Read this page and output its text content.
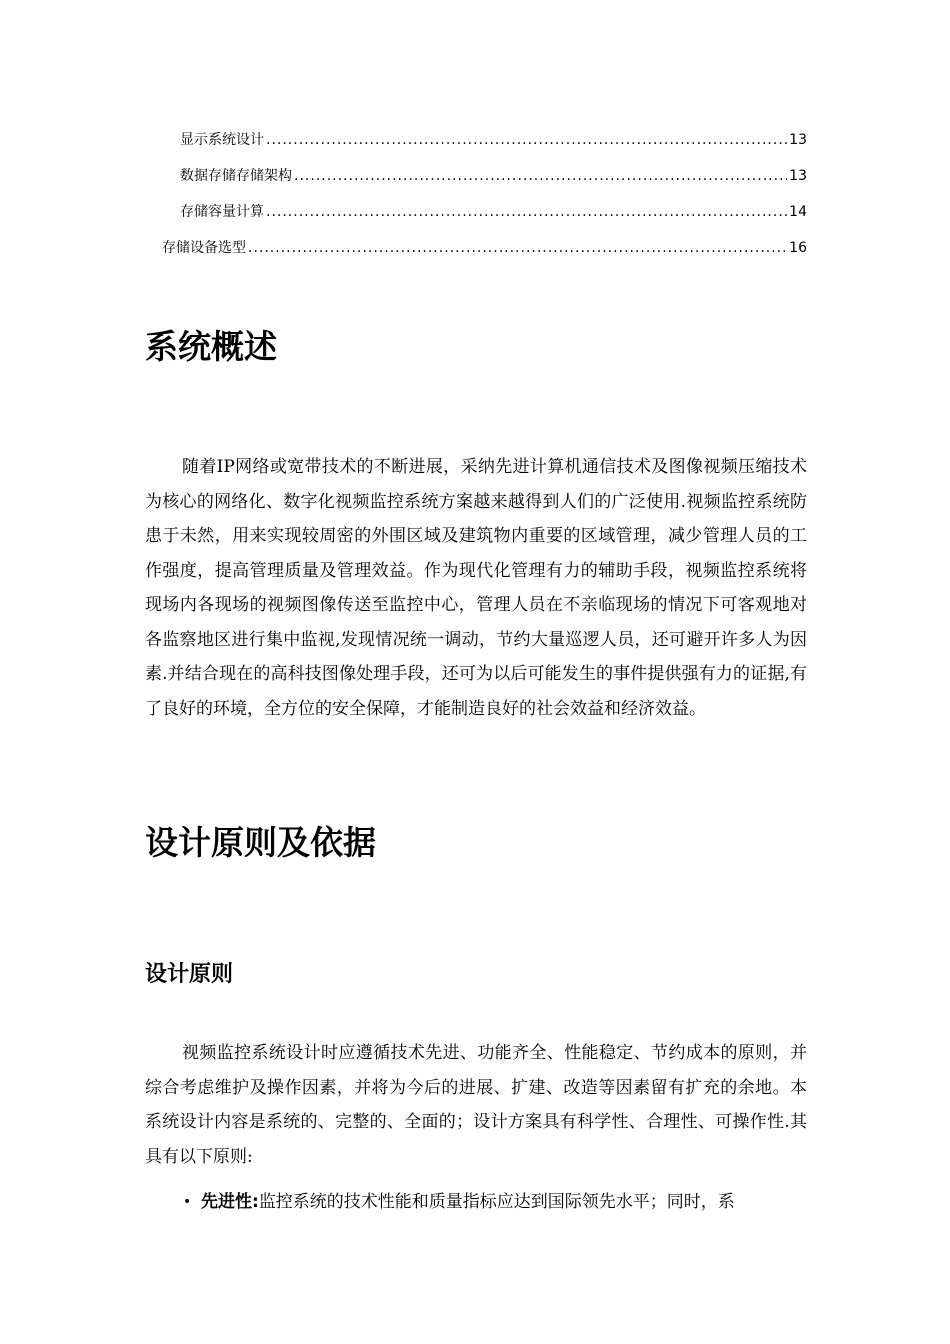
显示系统设计 .....	13
数据存储存储架构 .....	13
存储容量计算 .....	14
存储设备选型 .....	16
系统概述

随着IP网络或宽带技术的不断进展，采纳先进计算机通信技术及图像视频压缩技术为核心的网络化、数字化视频监控系统方案越来越得到人们的广泛使用.视频监控系统防患于未然，用来实现较周密的外围区域及建筑物内重要的区域管理，减少管理人员的工作强度，提高管理质量及管理效益。作为现代化管理有力的辅助手段，视频监控系统将现场内各现场的视频图像传送至监控中心，管理人员在不亲临现场的情况下可客观地对各监察地区进行集中监视,发现情况统一调动，节约大量巡逻人员，还可避开许多人为因素.并结合现在的高科技图像处理手段，还可为以后可能发生的事件提供强有力的证据,有了良好的环境，全方位的安全保障，才能制造良好的社会效益和经济效益。

设计原则及依据
设计原则

视频监控系统设计时应遵循技术先进、功能齐全、性能稳定、节约成本的原则，并综合考虑维护及操作因素，并将为今后的进展、扩建、改造等因素留有扩充的余地。本系统设计内容是系统的、完整的、全面的；设计方案具有科学性、合理性、可操作性.其具有以下原则:

• 先进性:监控系统的技术性能和质量指标应达到国际领先水平；同时，系
